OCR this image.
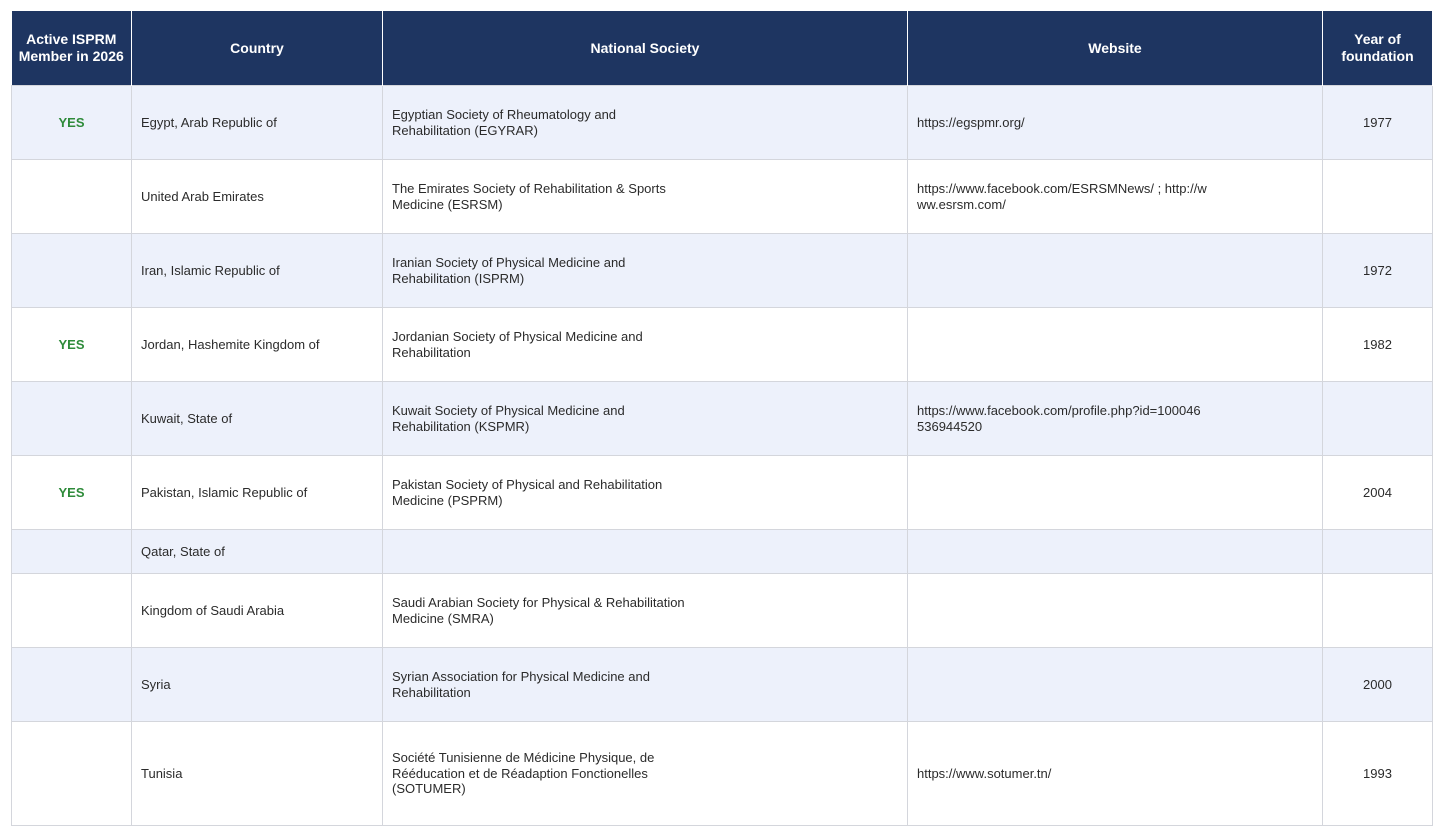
Active ISPRM Member in 2026	Country	National Society	Website	Year of foundation
YES	Egypt, Arab Republic of	Egyptian Society of Rheumatology and Rehabilitation (EGYRAR)	https://egspmr.org/	1977
	United Arab Emirates	The Emirates Society of Rehabilitation & Sports Medicine (ESRSM)	https://www.facebook.com/ESRSMNews/ ; http://www.esrsm.com/	
	Iran, Islamic Republic of	Iranian Society of Physical Medicine and Rehabilitation (ISPRM)		1972
YES	Jordan, Hashemite Kingdom of	Jordanian Society of Physical Medicine and Rehabilitation		1982
	Kuwait, State of	Kuwait Society of Physical Medicine and Rehabilitation (KSPMR)	https://www.facebook.com/profile.php?id=100046536944520	
YES	Pakistan, Islamic Republic of	Pakistan Society of Physical and Rehabilitation Medicine (PSPRM)		2004
	Qatar, State of			
	Kingdom of Saudi Arabia	Saudi Arabian Society for Physical & Rehabilitation Medicine (SMRA)		
	Syria	Syrian Association for Physical Medicine and Rehabilitation		2000
	Tunisia	Société Tunisienne de Médicine Physique, de Rééducation et de Réadaption Fonctionelles (SOTUMER)	https://www.sotumer.tn/	1993
